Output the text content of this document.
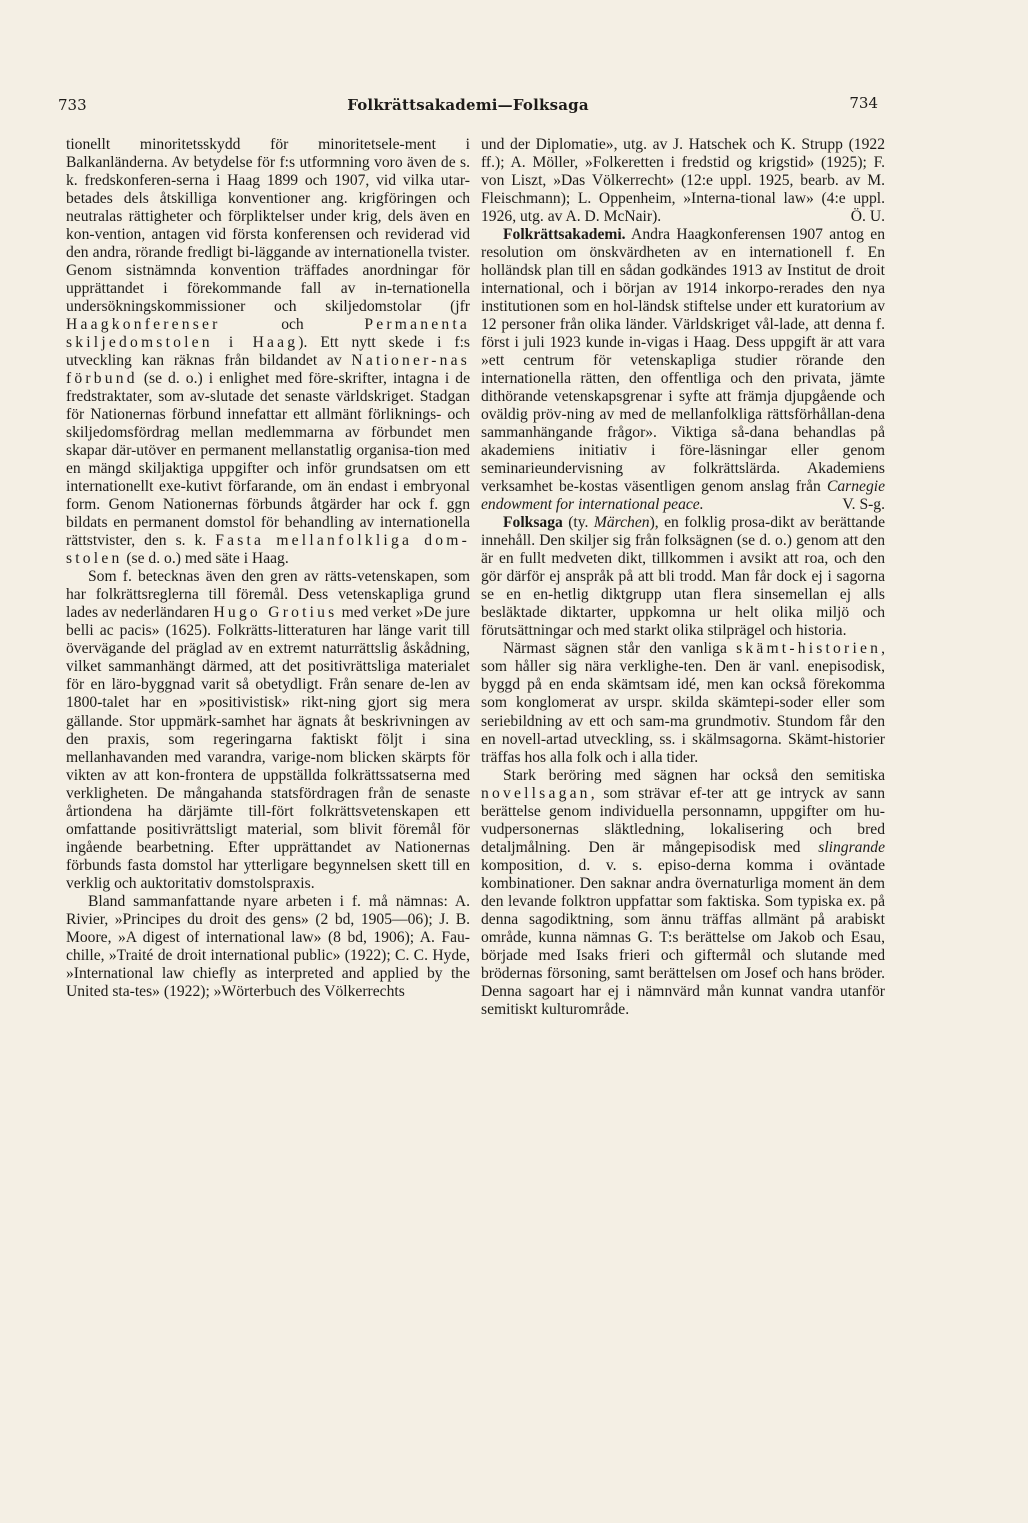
733	Folkrättsakademi—Folksaga	734

tionellt minoritetsskydd för minoritetsele-ment i Balkanländerna. Av betydelse för f:s utformning voro även de s. k. fredskonferen-serna i Haag 1899 och 1907, vid vilka utar-betades dels åtskilliga konventioner ang. krigföringen och neutralas rättigheter och förpliktelser under krig, dels även en kon-vention, antagen vid första konferensen och reviderad vid den andra, rörande fredligt bi-läggande av internationella tvister. Genom sistnämnda konvention träffades anordningar för upprättandet i förekommande fall av in-ternationella undersökningskommissioner och skiljedomstolar (jfr Haagkonferenser och Permanenta skiljedomstolen i Haag). Ett nytt skede i f:s utveckling kan räknas från bildandet av Nationer-nas förbund (se d. o.) i enlighet med före-skrifter, intagna i de fredstraktater, som av-slutade det senaste världskriget. Stadgan för Nationernas förbund innefattar ett allmänt förliknings- och skiljedomsfördrag mellan medlemmarna av förbundet men skapar där-utöver en permanent mellanstatlig organisa-tion med en mängd skiljaktiga uppgifter och inför grundsatsen om ett internationellt exe-kutivt förfarande, om än endast i embryonal form. Genom Nationernas förbunds åtgärder har ock f. ggn bildats en permanent domstol för behandling av internationella rättstvister, den s. k. Fasta mellanfolkliga dom-stolen (se d. o.) med säte i Haag.

Som f. betecknas även den gren av rätts-vetenskapen, som har folkrättsreglerna till föremål. Dess vetenskapliga grund lades av nederländaren Hugo Grotius med verket »De jure belli ac pacis» (1625). Folkrätts-litteraturen har länge varit till övervägande del präglad av en extremt naturrättslig åskådning, vilket sammanhängt därmed, att det positivrättsliga materialet för en läro-byggnad varit så obetydligt. Från senare de-len av 1800-talet har en »positivistisk» rikt-ning gjort sig mera gällande. Stor uppmärk-samhet har ägnats åt beskrivningen av den praxis, som regeringarna faktiskt följt i sina mellanhavanden med varandra, varige-nom blicken skärpts för vikten av att kon-frontera de uppställda folkrättssatserna med verkligheten. De mångahanda statsfördragen från de senaste årtiondena ha därjämte till-fört folkrättsvetenskapen ett omfattande positivrättsligt material, som blivit föremål för ingående bearbetning. Efter upprättandet av Nationernas förbunds fasta domstol har ytterligare begynnelsen skett till en verklig och auktoritativ domstolspraxis.

Bland sammanfattande nyare arbeten i f. må nämnas: A. Rivier, »Principes du droit des gens» (2 bd, 1905—06); J. B. Moore, »A digest of international law» (8 bd, 1906); A. Fau-chille, »Traité de droit international public» (1922); C. C. Hyde, »International law chiefly as interpreted and applied by the United sta-tes» (1922); »Wörterbuch des Völkerrechts

und der Diplomatie», utg. av J. Hatschek och K. Strupp (1922 ff.); A. Möller, »Folkeretten i fredstid og krigstid» (1925); F. von Liszt, »Das Völkerrecht» (12:e uppl. 1925, bearb. av M. Fleischmann); L. Oppenheim, »Interna-tional law» (4:e uppl. 1926, utg. av A. D. McNair).	Ö. U.

Folkrättsakademi. Andra Haagkonferensen 1907 antog en resolution om önskvärdheten av en internationell f. En holländsk plan till en sådan godkändes 1913 av Institut de droit international, och i början av 1914 inkorpo-rerades den nya institutionen som en hol-ländsk stiftelse under ett kuratorium av 12 personer från olika länder. Världskriget vål-lade, att denna f. först i juli 1923 kunde in-vigas i Haag. Dess uppgift är att vara »ett centrum för vetenskapliga studier rörande den internationella rätten, den offentliga och den privata, jämte dithörande vetenskapsgrenar i syfte att främja djupgående och oväldig pröv-ning av med de mellanfolkliga rättsförhållan-dena sammanhängande frågor». Viktiga så-dana behandlas på akademiens initiativ i före-läsningar eller genom seminarieundervisning av folkrättslärda. Akademiens verksamhet be-kostas väsentligen genom anslag från Carnegie endowment for international peace.	V. S-g.

Folksaga (ty. Märchen), en folklig prosa-dikt av berättande innehåll. Den skiljer sig från folksägnen (se d. o.) genom att den är en fullt medveten dikt, tillkommen i avsikt att roa, och den gör därför ej anspråk på att bli trodd. Man får dock ej i sagorna se en en-hetlig diktgrupp utan flera sinsemellan ej alls besläktade diktarter, uppkomna ur helt olika miljö och förutsättningar och med starkt olika stilprägel och historia.

Närmast sägnen står den vanliga skämt-historien, som håller sig nära verklighe-ten. Den är vanl. enepisodisk, byggd på en enda skämtsam idé, men kan också förekomma som konglomerat av urspr. skilda skämtepi-soder eller som seriebildning av ett och sam-ma grundmotiv. Stundom får den en novell-artad utveckling, ss. i skälmsagorna. Skämt-historier träffas hos alla folk och i alla tider.

Stark beröring med sägnen har också den semitiska novellsagan, som strävar ef-ter att ge intryck av sann berättelse genom individuella personnamn, uppgifter om hu-vudpersonernas släktledning, lokalisering och bred detaljmålning. Den är mångepisodisk med slingrande komposition, d. v. s. episo-derna komma i oväntade kombinationer. Den saknar andra övernaturliga moment än dem den levande folktron uppfattar som faktiska. Som typiska ex. på denna sagodiktning, som ännu träffas allmänt på arabiskt område, kunna nämnas G. T:s berättelse om Jakob och Esau, började med Isaks frieri och giftermål och slutande med brödernas försoning, samt berättelsen om Josef och hans bröder. Denna sagoart har ej i nämnvärd mån kunnat vandra utanför semitiskt kulturområde.
